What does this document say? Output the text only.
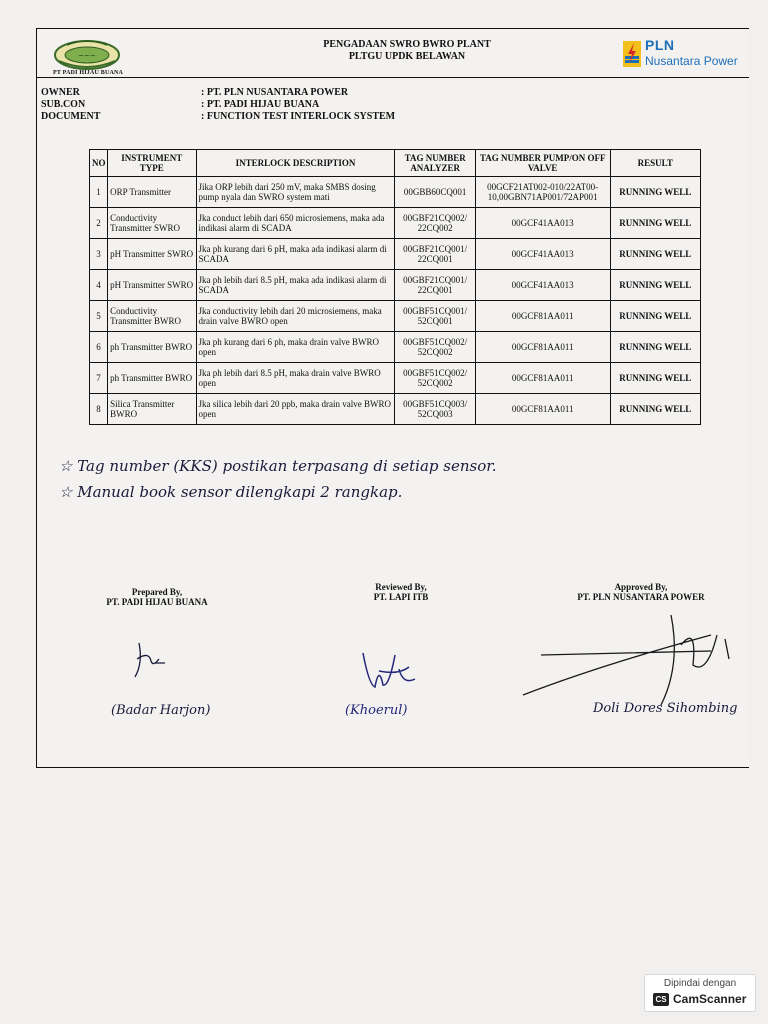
~~~
PT PADI HIJAU BUANA
PENGADAAN SWRO BWRO PLANT
PLTGU UPDK BELAWAN
PLN
Nusantara Power
OWNER	: PT. PLN NUSANTARA POWER
SUB.CON	: PT. PADI HIJAU BUANA
DOCUMENT	: FUNCTION TEST INTERLOCK SYSTEM
NO	INSTRUMENT TYPE	INTERLOCK DESCRIPTION	TAG NUMBER ANALYZER	TAG NUMBER PUMP/ON OFF VALVE	RESULT
1	ORP Transmitter	Jika ORP lebih dari 250 mV, maka SMBS dosing pump nyala dan SWRO system mati	00GBB60CQ001	00GCF21AT002-010/22AT00-10,00GBN71AP001/72AP001	RUNNING WELL
2	Conductivity Transmitter SWRO	Jka conduct lebih dari 650 microsiemens, maka ada indikasi alarm di SCADA	00GBF21CQ002/ 22CQ002	00GCF41AA013	RUNNING WELL
3	pH Transmitter SWRO	Jka ph kurang dari 6 pH, maka ada indikasi alarm di SCADA	00GBF21CQ001/ 22CQ001	00GCF41AA013	RUNNING WELL
4	pH Transmitter SWRO	Jka ph lebih dari 8.5 pH, maka ada indikasi alarm di SCADA	00GBF21CQ001/ 22CQ001	00GCF41AA013	RUNNING WELL
5	Conductivity Transmitter BWRO	Jka conductivity lebih dari 20 microsiemens, maka drain valve BWRO open	00GBF51CQ001/ 52CQ001	00GCF81AA011	RUNNING WELL
6	ph Transmitter BWRO	Jka ph kurang dari 6 ph, maka drain valve BWRO open	00GBF51CQ002/ 52CQ002	00GCF81AA011	RUNNING WELL
7	ph Transmitter BWRO	Jka ph lebih dari 8.5 pH, maka drain valve BWRO open	00GBF51CQ002/ 52CQ002	00GCF81AA011	RUNNING WELL
8	Silica Transmitter BWRO	Jka silica lebih dari 20 ppb, maka drain valve BWRO open	00GBF51CQ003/ 52CQ003	00GCF81AA011	RUNNING WELL
☆ Tag number (KKS) postikan terpasang di setiap sensor.
☆ Manual book sensor dilengkapi 2 rangkap.
Prepared By,
PT. PADI HIJAU BUANA
(Badar Harjon)
Reviewed By,
PT. LAPI ITB
(Khoerul)
Approved By,
PT. PLN NUSANTARA POWER
Doli Dores Sihombing
Dipindai dengan
CS CamScanner
